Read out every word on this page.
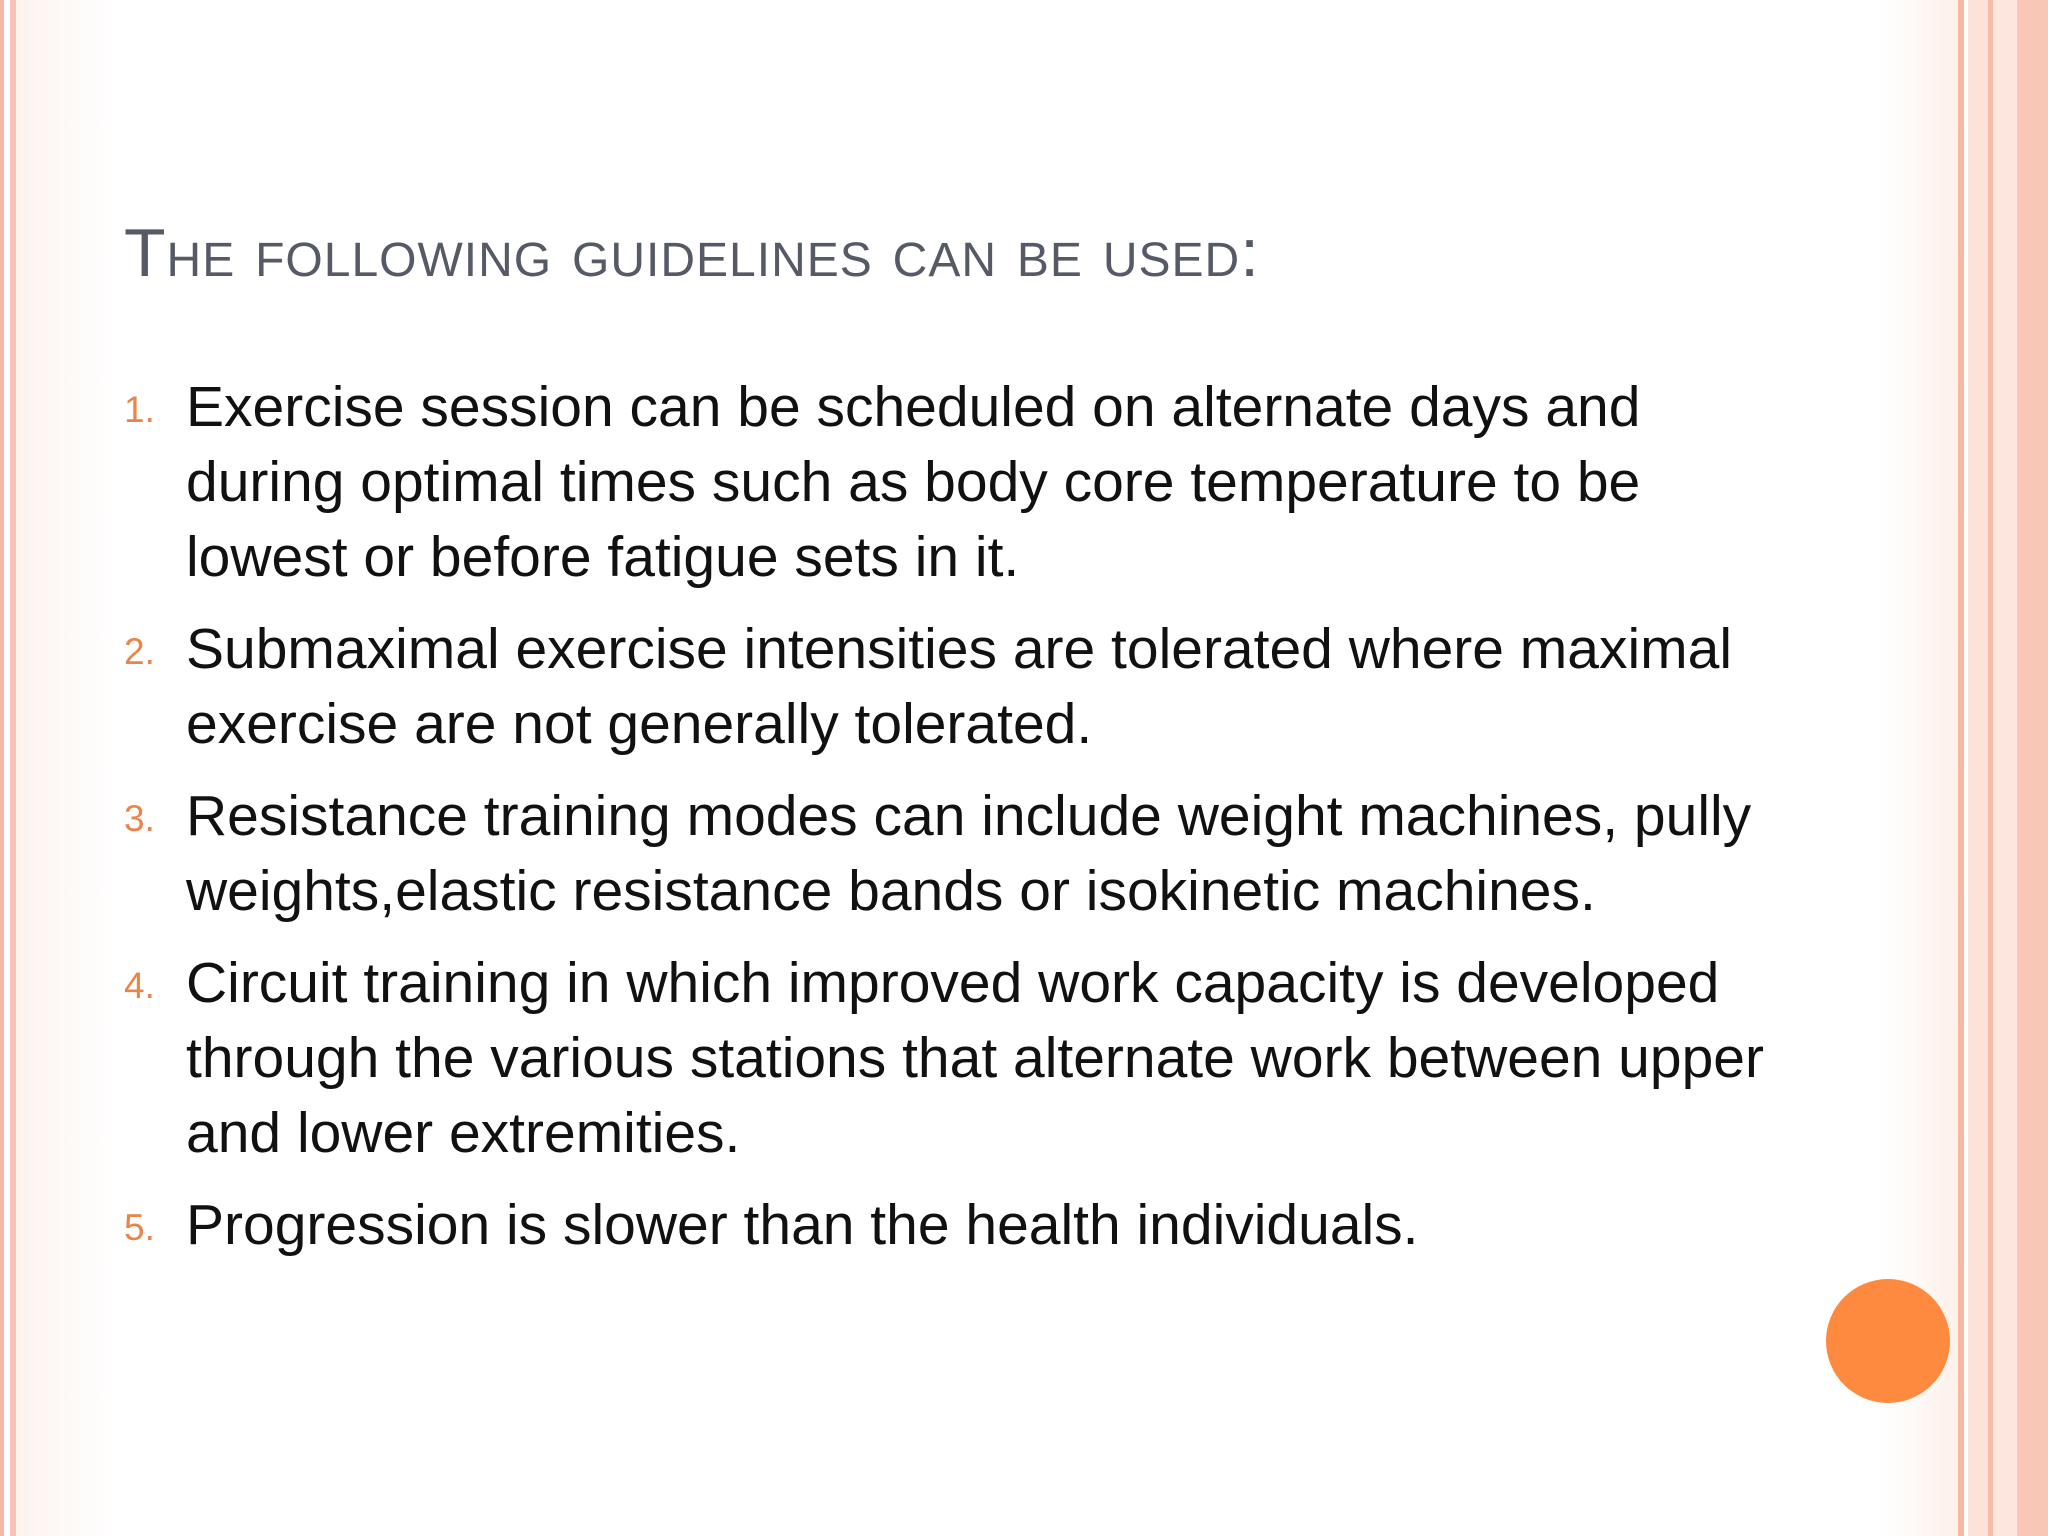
The following guidelines can be used:
1. Exercise session can be scheduled on alternate days and during optimal times such as body core temperature to be lowest or before fatigue sets in it.
2. Submaximal exercise intensities are tolerated where maximal exercise are not generally tolerated.
3. Resistance training modes can include weight machines, pully weights,elastic resistance bands or isokinetic machines.
4. Circuit training in which improved work capacity is developed through the various stations that alternate work between upper and lower extremities.
5. Progression is slower than the health individuals.
